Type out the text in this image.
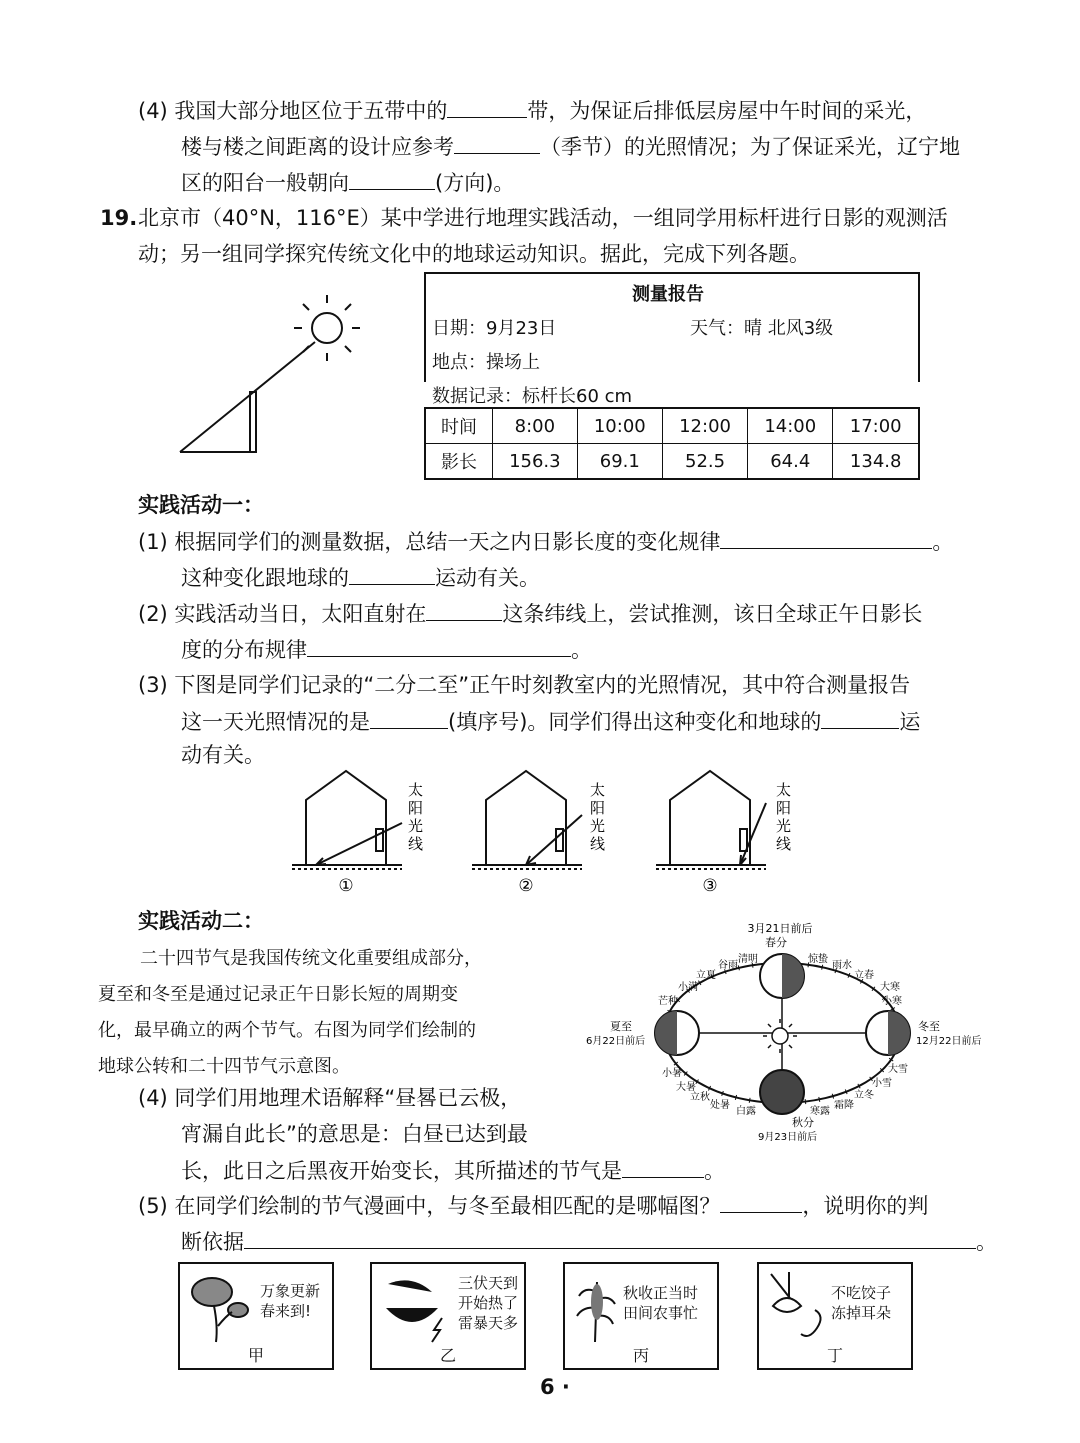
(4) 我国大部分地区位于五带中的	带，为保证后排低层房屋中午时间的采光，
楼与楼之间距离的设计应参考	（季节）的光照情况；为了保证采光，辽宁地
区的阳台一般朝向	(方向)。
19. 北京市（40°N，116°E）某中学进行地理实践活动，一组同学用标杆进行日影的观测活
动；另一组同学探究传统文化中的地球运动知识。据此，完成下列各题。
测量报告
日期：9月23日	天气：晴 北风3级
地点：操场上
数据记录：标杆长60 cm
时间	8:00	10:00	12:00	14:00	17:00
影长	156.3	69.1	52.5	64.4	134.8
实践活动一：
(1) 根据同学们的测量数据，总结一天之内日影长度的变化规律	。
这种变化跟地球的	运动有关。
(2) 实践活动当日，太阳直射在	这条纬线上，尝试推测，该日全球正午日影长
度的分布规律	。
(3) 下图是同学们记录的“二分二至”正午时刻教室内的光照情况，其中符合测量报告
这一天光照情况的是	(填序号)。同学们得出这种变化和地球的	运
动有关。
太
阳
光
线
①
太
阳
光
线
②
太
阳
光
线
③
实践活动二：
二十四节气是我国传统文化重要组成部分，
夏至和冬至是通过记录正午日影长短的周期变
化，最早确立的两个节气。右图为同学们绘制的
地球公转和二十四节气示意图。
(4) 同学们用地理术语解释“昼晷已云极，
宵漏自此长”的意思是：白昼已达到最
长，此日之后黑夜开始变长，其所描述的节气是	。
(5) 在同学们绘制的节气漫画中，与冬至最相匹配的是哪幅图？	，说明你的判
断依据	。
3月21日前后
春分
夏至
6月22日前后
冬至
12月22日前后
秋分
9月23日前后
清明
谷雨
立夏
小满
芒种
惊蛰
雨水
立春
大寒
小寒
小暑
大暑
立秋
处暑
白露
大雪
小雪
立冬
霜降
寒露
万象更新
春来到!
甲
三伏天到
开始热了
雷暴天多
乙
秋收正当时
田间农事忙
丙
不吃饺子
冻掉耳朵
丁
6 ·
